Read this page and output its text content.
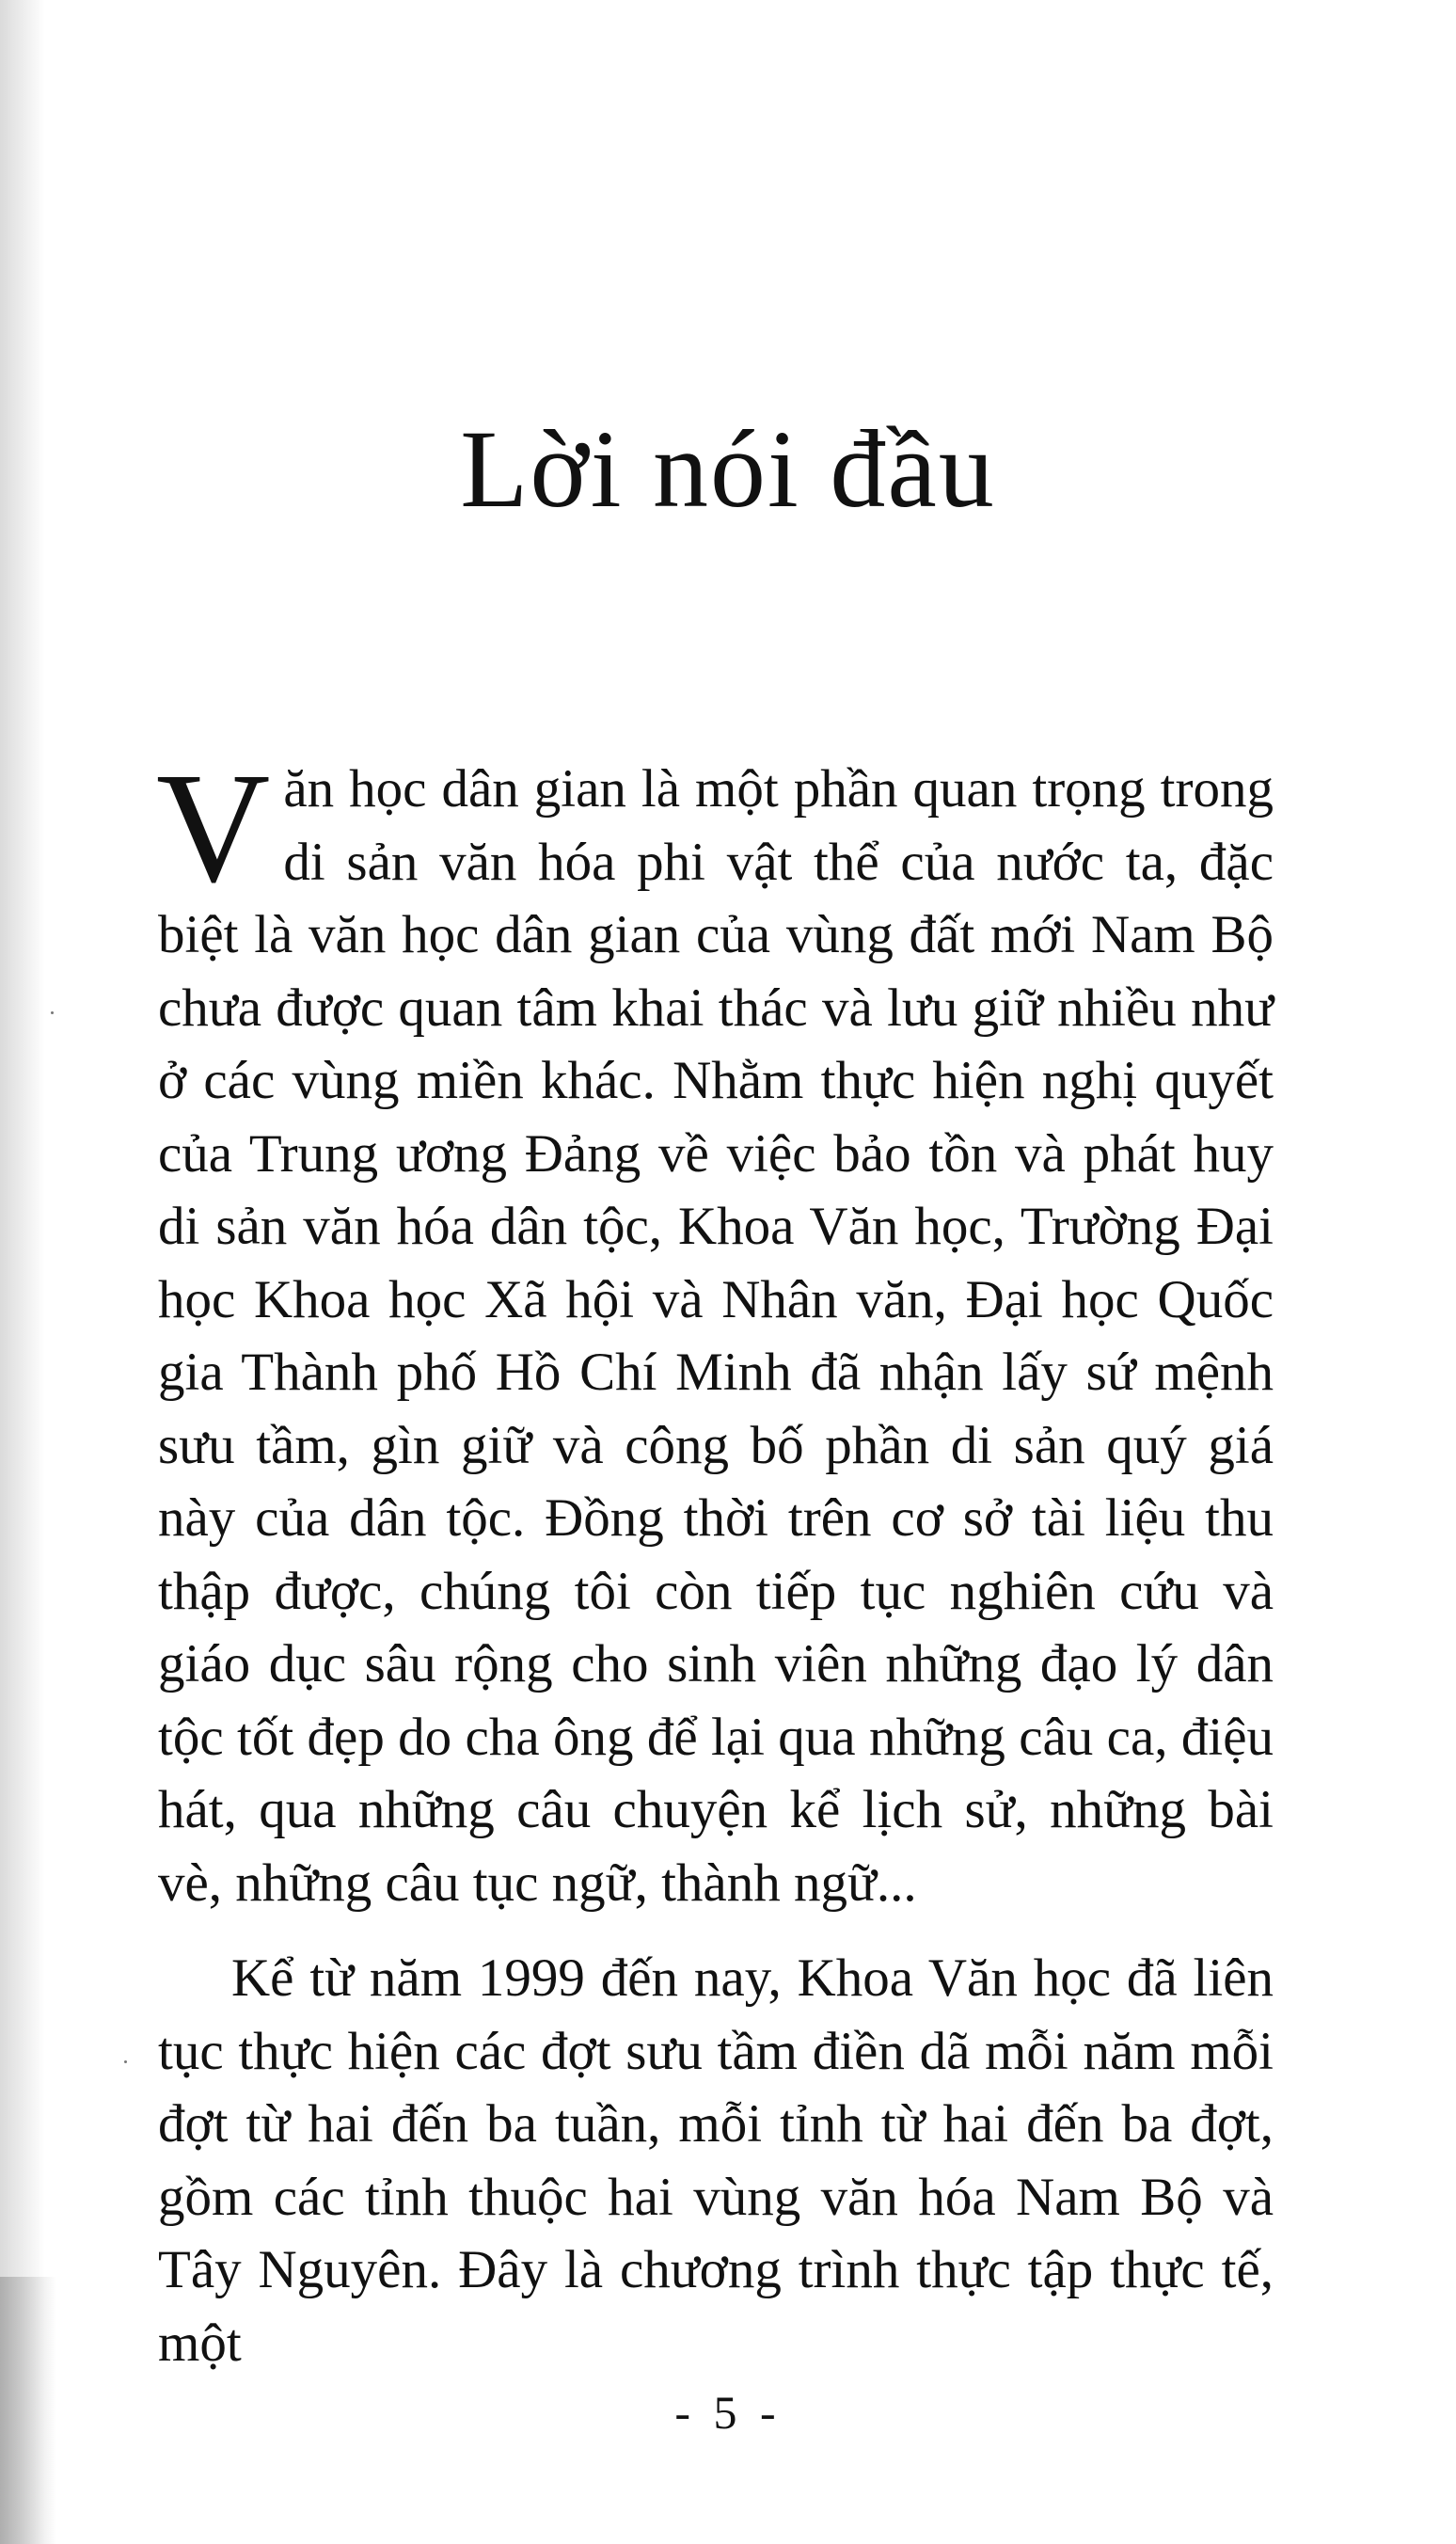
Lời nói đầu

Văn học dân gian là một phần quan trọng trong di sản văn hóa phi vật thể của nước ta, đặc biệt là văn học dân gian của vùng đất mới Nam Bộ chưa được quan tâm khai thác và lưu giữ nhiều như ở các vùng miền khác. Nhằm thực hiện nghị quyết của Trung ương Đảng về việc bảo tồn và phát huy di sản văn hóa dân tộc, Khoa Văn học, Trường Đại học Khoa học Xã hội và Nhân văn, Đại học Quốc gia Thành phố Hồ Chí Minh đã nhận lấy sứ mệnh sưu tầm, gìn giữ và công bố phần di sản quý giá này của dân tộc. Đồng thời trên cơ sở tài liệu thu thập được, chúng tôi còn tiếp tục nghiên cứu và giáo dục sâu rộng cho sinh viên những đạo lý dân tộc tốt đẹp do cha ông để lại qua những câu ca, điệu hát, qua những câu chuyện kể lịch sử, những bài vè, những câu tục ngữ, thành ngữ...

Kể từ năm 1999 đến nay, Khoa Văn học đã liên tục thực hiện các đợt sưu tầm điền dã mỗi năm mỗi đợt từ hai đến ba tuần, mỗi tỉnh từ hai đến ba đợt, gồm các tỉnh thuộc hai vùng văn hóa Nam Bộ và Tây Nguyên. Đây là chương trình thực tập thực tế, một

- 5 -
